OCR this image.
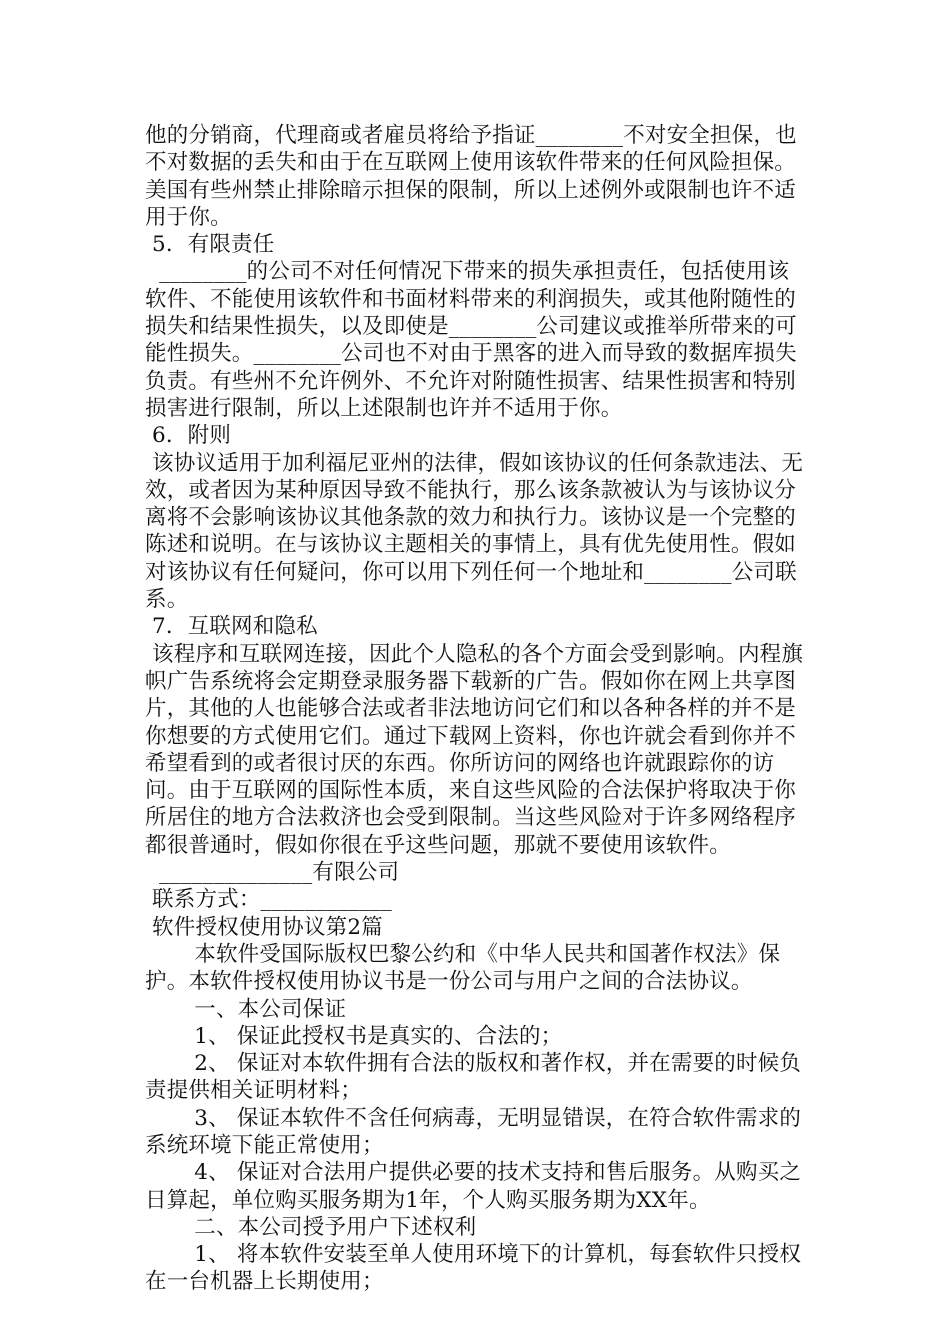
他的分销商，代理商或者雇员将给予指证________不对安全担保，也不对数据的丢失和由于在互联网上使用该软件带来的任何风险担保。美国有些州禁止排除暗示担保的限制，所以上述例外或限制也许不适用于你。

5．有限责任

________的公司不对任何情况下带来的损失承担责任，包括使用该软件、不能使用该软件和书面材料带来的利润损失，或其他附随性的损失和结果性损失，以及即使是________公司建议或推举所带来的可能性损失。________公司也不对由于黑客的进入而导致的数据库损失负责。有些州不允许例外、不允许对附随性损害、结果性损害和特别损害进行限制，所以上述限制也许并不适用于你。

6．附则

该协议适用于加利福尼亚州的法律，假如该协议的任何条款违法、无效，或者因为某种原因导致不能执行，那么该条款被认为与该协议分离将不会影响该协议其他条款的效力和执行力。该协议是一个完整的陈述和说明。在与该协议主题相关的事情上，具有优先使用性。假如对该协议有任何疑问，你可以用下列任何一个地址和________公司联系。

7．互联网和隐私

该程序和互联网连接，因此个人隐私的各个方面会受到影响。内程旗帜广告系统将会定期登录服务器下载新的广告。假如你在网上共享图片，其他的人也能够合法或者非法地访问它们和以各种各样的并不是你想要的方式使用它们。通过下载网上资料，你也许就会看到你并不希望看到的或者很讨厌的东西。你所访问的网络也许就跟踪你的访问。由于互联网的国际性本质，来自这些风险的合法保护将取决于你所居住的地方合法救济也会受到限制。当这些风险对于许多网络程序都很普通时，假如你很在乎这些问题，那就不要使用该软件。

______________有限公司

联系方式：____________

软件授权使用协议第2篇

本软件受国际版权巴黎公约和《中华人民共和国著作权法》保护。本软件授权使用协议书是一份公司与用户之间的合法协议。

一、本公司保证

1、 保证此授权书是真实的、合法的；

2、 保证对本软件拥有合法的版权和著作权，并在需要的时候负责提供相关证明材料；

3、 保证本软件不含任何病毒，无明显错误，在符合软件需求的系统环境下能正常使用；

4、 保证对合法用户提供必要的技术支持和售后服务。从购买之日算起，单位购买服务期为1年，个人购买服务期为XX年。

二、本公司授予用户下述权利

1、 将本软件安装至单人使用环境下的计算机，每套软件只授权在一台机器上长期使用；
